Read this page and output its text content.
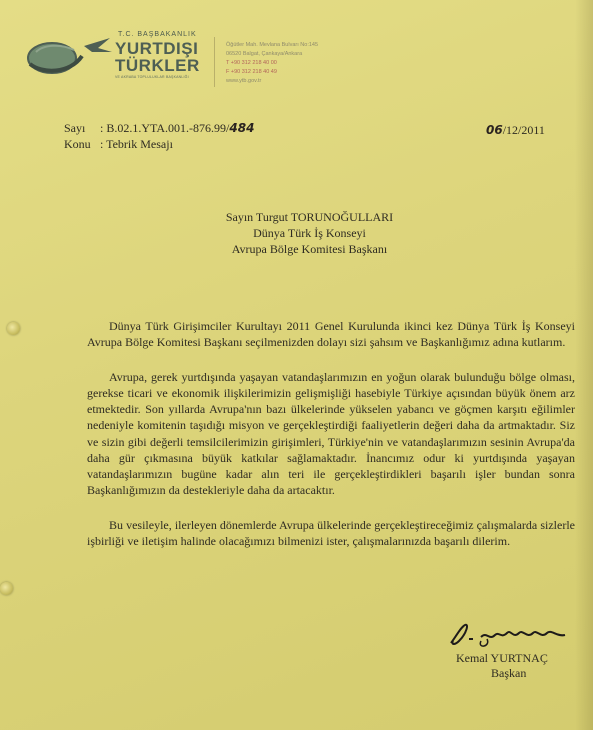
T.C. BAŞBAKANLIK
YURTDIŞI
TÜRKLER
VE AKRABA TOPLULUKLAR BAŞKANLIĞI
Öğütler Mah. Mevlana Bulvarı No:145
06520 Balgat, Çankaya/Ankara
T +90 312 218 40 00
F +90 312 218 40 49
www.ytb.gov.tr
Sayı	: B.02.1.YTA.001.-876.99/484
Konu : Tebrik Mesajı
06/12/2011
Sayın Turgut TORUNOĞULLARI
Dünya Türk İş Konseyi
Avrupa Bölge Komitesi Başkanı

Dünya Türk Girişimciler Kurultayı 2011 Genel Kurulunda ikinci kez Dünya Türk İş Konseyi Avrupa Bölge Komitesi Başkanı seçilmenizden dolayı sizi şahsım ve Başkanlığımız adına kutlarım.

Avrupa, gerek yurtdışında yaşayan vatandaşlarımızın en yoğun olarak bulunduğu bölge olması, gerekse ticari ve ekonomik ilişkilerimizin gelişmişliği hasebiyle Türkiye açısından büyük önem arz etmektedir. Son yıllarda Avrupa'nın bazı ülkelerinde yükselen yabancı ve göçmen karşıtı eğilimler nedeniyle komitenin taşıdığı misyon ve gerçekleştirdiği faaliyetlerin değeri daha da artmaktadır. Siz ve sizin gibi değerli temsilcilerimizin girişimleri, Türkiye'nin ve vatandaşlarımızın sesinin Avrupa'da daha gür çıkmasına büyük katkılar sağlamaktadır. İnancımız odur ki yurtdışında yaşayan vatandaşlarımızın bugüne kadar alın teri ile gerçekleştirdikleri başarılı işler bundan sonra Başkanlığımızın da destekleriyle daha da artacaktır.

Bu vesileyle, ilerleyen dönemlerde Avrupa ülkelerinde gerçekleştireceğimiz çalışmalarda sizlerle işbirliği ve iletişim halinde olacağımızı bilmenizi ister, çalışmalarınızda başarılı dilerim.

Kemal YURTNAÇ
Başkan
